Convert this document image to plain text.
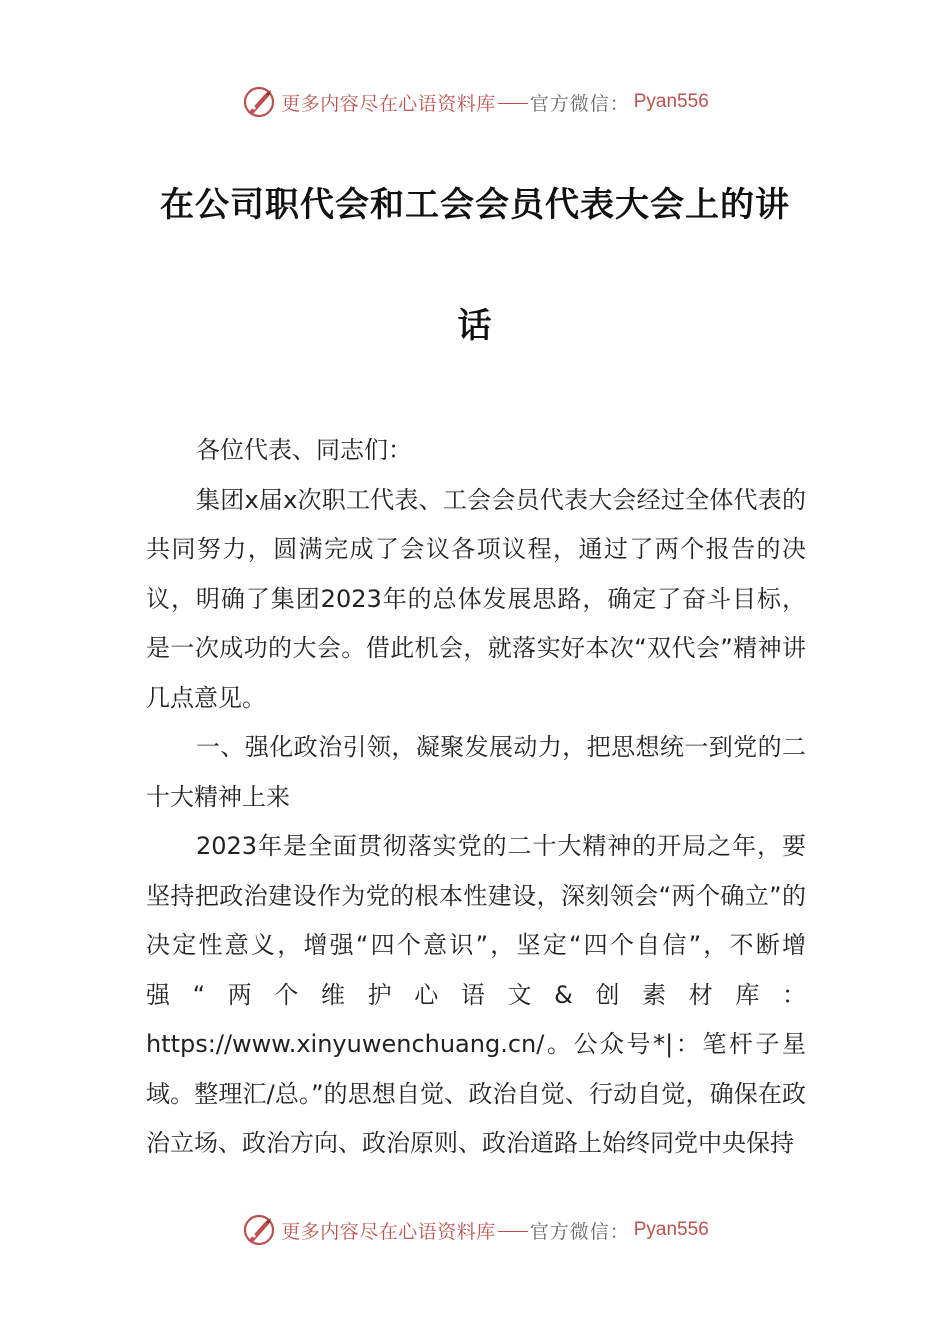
更多内容尽在心语资料库 官方微信： Pyan556
在公司职代会和工会会员代表大会上的讲
话

各位代表、同志们：

集团x届x次职工代表、工会会员代表大会经过全体代表的共同努力，圆满完成了会议各项议程，通过了两个报告的决议，明确了集团2023年的总体发展思路，确定了奋斗目标，是一次成功的大会。借此机会，就落实好本次“双代会”精神讲几点意见。

一、强化政治引领，凝聚发展动力，把思想统一到党的二十大精神上来

2023年是全面贯彻落实党的二十大精神的开局之年，要坚持把政治建设作为党的根本性建设，深刻领会“两个确立”的决定性意义，增强“四个意识”，坚定“四个自信”，不断增强“两个维护心语文&创素材库：https://www.xinyuwenchuang.cn/。公众号*|：笔杆子星域。整理汇/总。”的思想自觉、政治自觉、行动自觉，确保在政治立场、政治方向、政治原则、政治道路上始终同党中央保持

更多内容尽在心语资料库 官方微信： Pyan556
